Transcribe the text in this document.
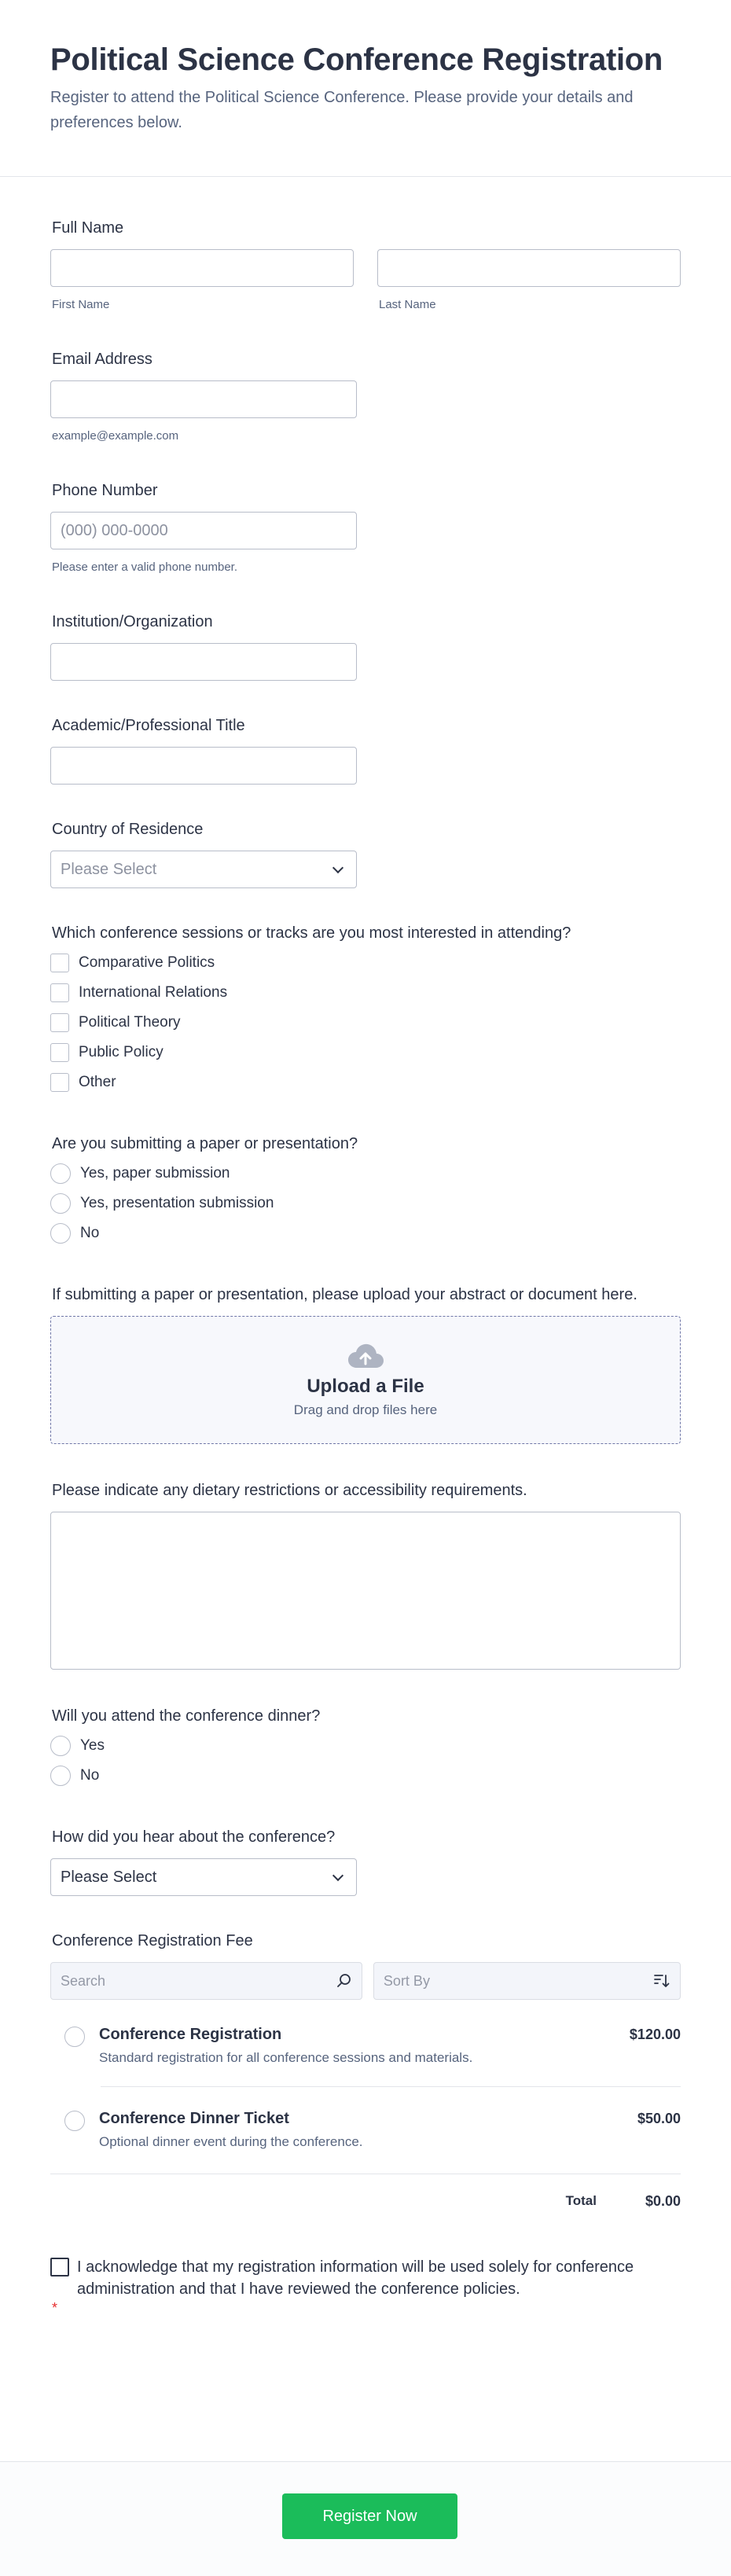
Political Science Conference Registration

Register to attend the Political Science Conference. Please provide your details and preferences below.

Full Name
First Name	Last Name
Email Address
example@example.com
Phone Number
(000) 000-0000
Please enter a valid phone number.
Institution/Organization
Academic/Professional Title
Country of Residence
Please Select
Which conference sessions or tracks are you most interested in attending?
Comparative Politics
International Relations
Political Theory
Public Policy
Other
Are you submitting a paper or presentation?
Yes, paper submission
Yes, presentation submission
No
If submitting a paper or presentation, please upload your abstract or document here.
Upload a File
Drag and drop files here
Please indicate any dietary restrictions or accessibility requirements.
Will you attend the conference dinner?
Yes
No
How did you hear about the conference?
Please Select
Conference Registration Fee
Search	Sort By
Conference Registration
Standard registration for all conference sessions and materials.
$120.00
Conference Dinner Ticket
Optional dinner event during the conference.
$50.00
Total	$0.00
I acknowledge that my registration information will be used solely for conference administration and that I have reviewed the conference policies.
*
Register Now
